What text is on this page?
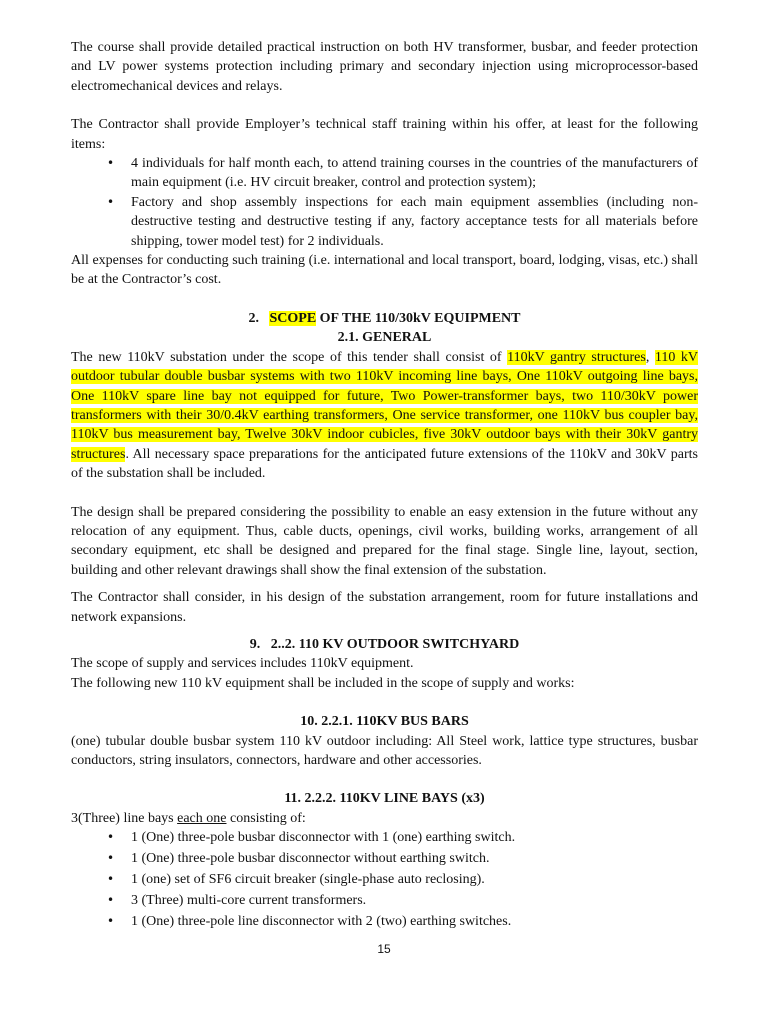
The course shall provide detailed practical instruction on both HV transformer, busbar, and feeder protection and LV power systems protection including primary and secondary injection using microprocessor-based electromechanical devices and relays.

The Contractor shall provide Employer’s technical staff training within his offer, at least for the following items:

• 4 individuals for half month each, to attend training courses in the countries of the manufacturers of main equipment (i.e. HV circuit breaker, control and protection system);
• Factory and shop assembly inspections for each main equipment assemblies (including non-destructive testing and destructive testing if any, factory acceptance tests for all materials before shipping, tower model test) for 2 individuals.

All expenses for conducting such training (i.e. international and local transport, board, lodging, visas, etc.) shall be at the Contractor’s cost.

2. SCOPE OF THE 110/30kV EQUIPMENT
2.1. GENERAL

The new 110kV substation under the scope of this tender shall consist of 110kV gantry structures, 110 kV outdoor tubular double busbar systems with two 110kV incoming line bays, One 110kV outgoing line bays, One 110kV spare line bay not equipped for future, Two Power-transformer bays, two 110/30kV power transformers with their 30/0.4kV earthing transformers, One service transformer, one 110kV bus coupler bay, 110kV bus measurement bay, Twelve 30kV indoor cubicles, five 30kV outdoor bays with their 30kV gantry structures. All necessary space preparations for the anticipated future extensions of the 110kV and 30kV parts of the substation shall be included.

The design shall be prepared considering the possibility to enable an easy extension in the future without any relocation of any equipment. Thus, cable ducts, openings, civil works, building works, arrangement of all secondary equipment, etc shall be designed and prepared for the final stage. Single line, layout, section, building and other relevant drawings shall show the final extension of the substation.

The Contractor shall consider, in his design of the substation arrangement, room for future installations and network expansions.

9.   2..2. 110 KV OUTDOOR SWITCHYARD

The scope of supply and services includes 110kV equipment.

The following new 110 kV equipment shall be included in the scope of supply and works:

10. 2.2.1. 110KV BUS BARS

(one) tubular double busbar system 110 kV outdoor including: All Steel work, lattice type structures, busbar conductors, string insulators, connectors, hardware and other accessories.

11. 2.2.2. 110KV LINE BAYS (x3)

3(Three) line bays each one consisting of:

• 1 (One) three-pole busbar disconnector with 1 (one) earthing switch.
• 1 (One) three-pole busbar disconnector without earthing switch.
• 1 (one) set of SF6 circuit breaker (single-phase auto reclosing).
• 3 (Three) multi-core current transformers.
• 1 (One) three-pole line disconnector with 2 (two) earthing switches.
15
